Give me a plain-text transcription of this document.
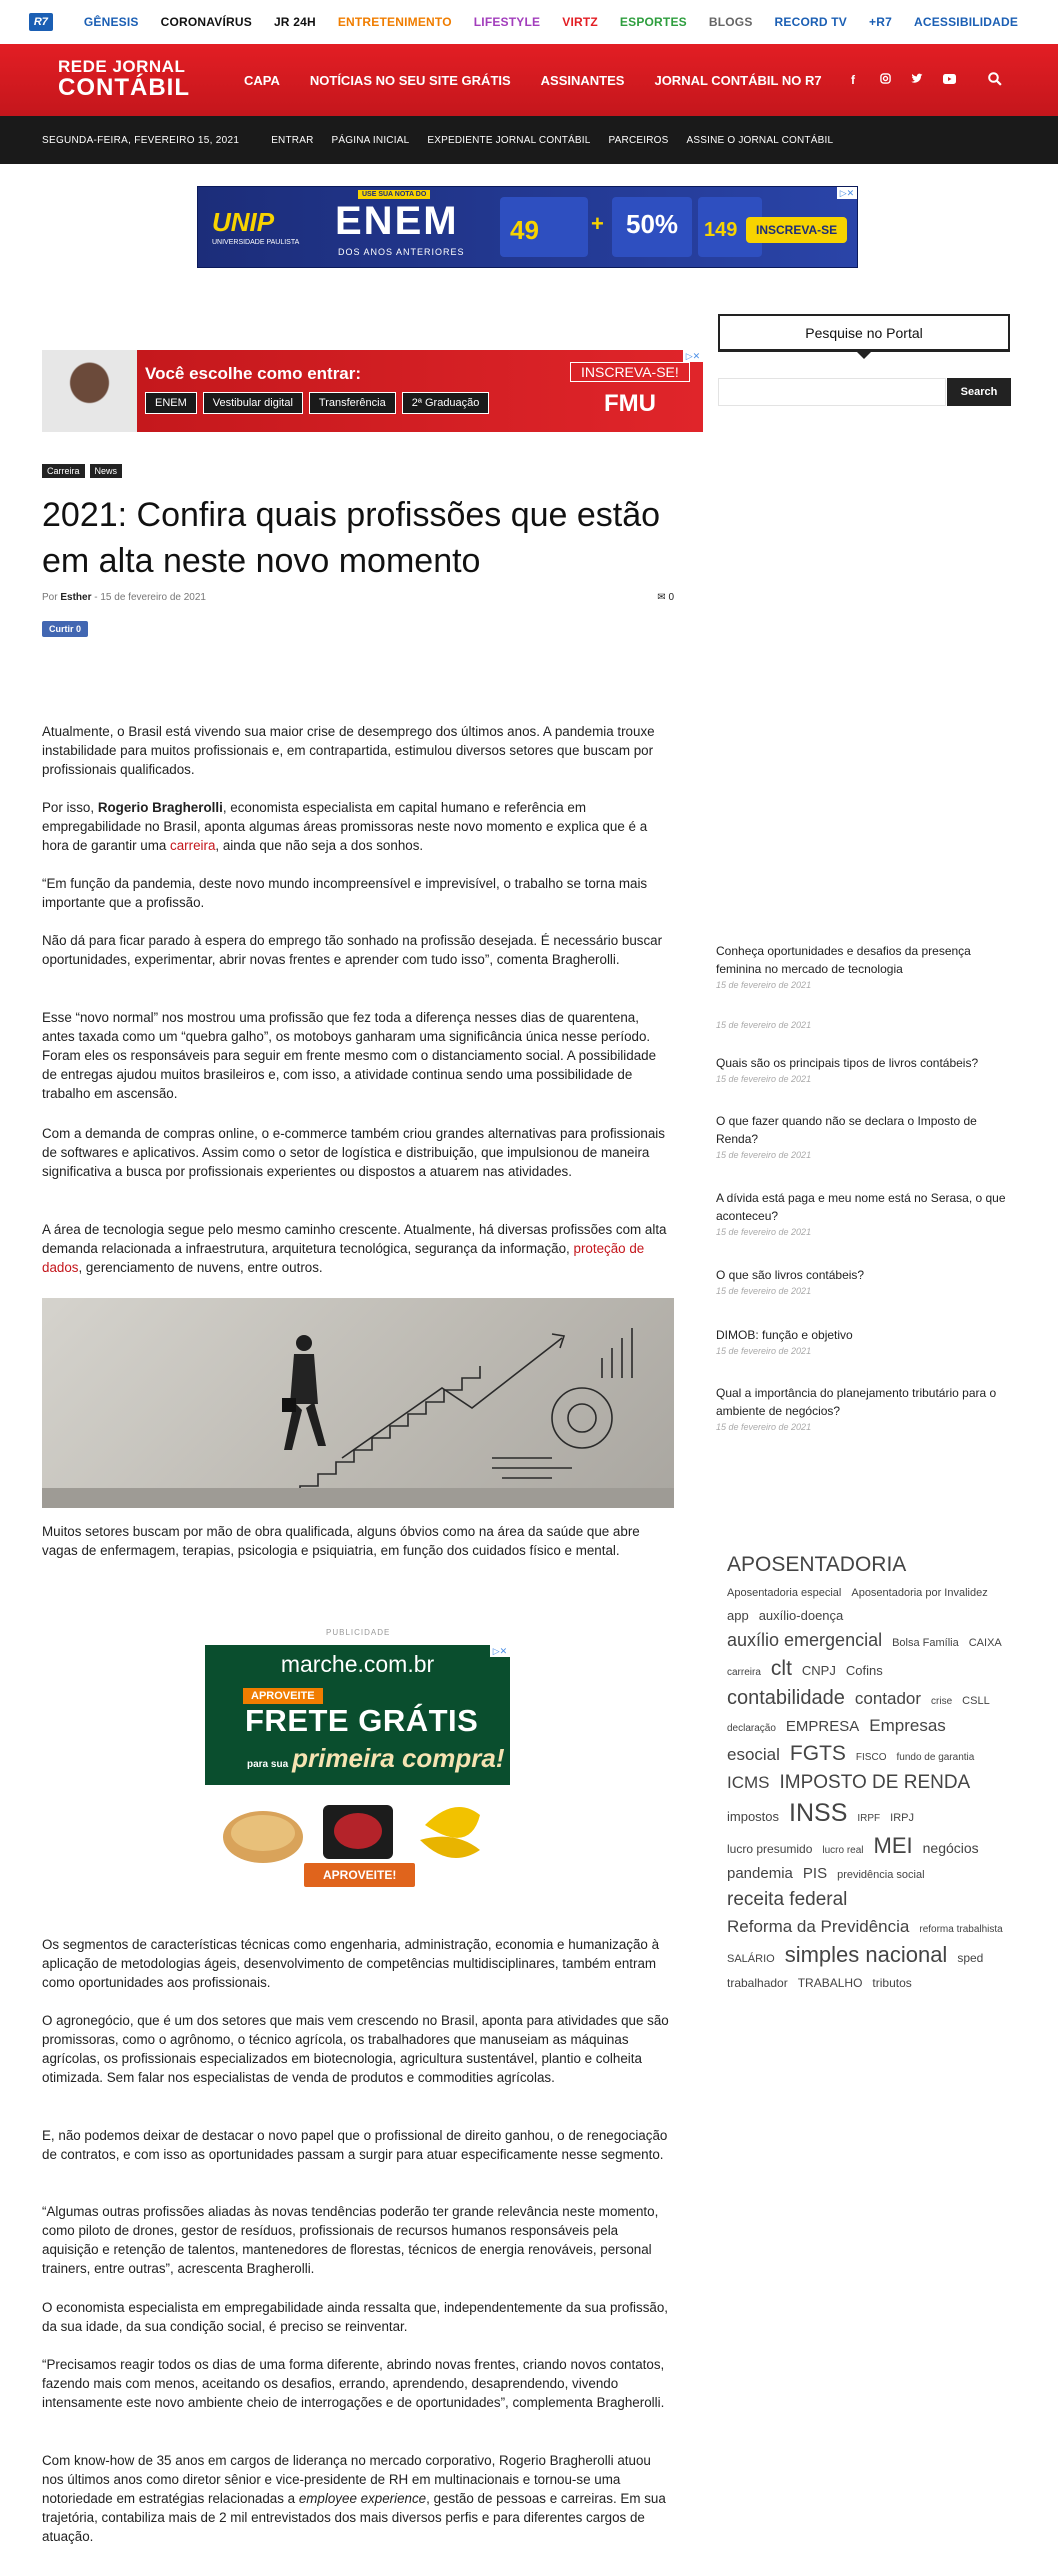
R7	GÊNESIS CORONAVÍRUS JR 24H ENTRETENIMENTO LIFESTYLE VIRTZ ESPORTES BLOGS RECORD TV +R7 ACESSIBILIDADE
REDE JORNAL
CONTÁBIL	CAPA NOTÍCIAS NO SEU SITE GRÁTIS ASSINANTES JORNAL CONTÁBIL NO R7	f
SEGUNDA-FEIRA, FEVEREIRO 15, 2021	ENTRAR PÁGINA INICIAL EXPEDIENTE JORNAL CONTÁBIL PARCEIROS ASSINE O JORNAL CONTÁBIL
UNIP
UNIVERSIDADE PAULISTA
USE SUA NOTA DO
ENEM
DOS ANOS ANTERIORES
49	+ 50%	149	INSCREVA-SE
▷✕
Você escolhe como entrar:
ENEM	Vestibular digital	Transferência	2ª Graduação
INSCREVA-SE!
FMU
▷✕
Carreira	News
2021: Confira quais profissões que estão em alta neste novo momento
Por Esther - 15 de fevereiro de 2021	✉ 0
Curtir 0
Atualmente, o Brasil está vivendo sua maior crise de desemprego dos últimos anos. A pandemia trouxe instabilidade para muitos profissionais e, em contrapartida, estimulou diversos setores que buscam por profissionais qualificados.
Por isso, Rogerio Bragherolli, economista especialista em capital humano e referência em empregabilidade no Brasil, aponta algumas áreas promissoras neste novo momento e explica que é a hora de garantir uma carreira, ainda que não seja a dos sonhos.
“Em função da pandemia, deste novo mundo incompreensível e imprevisível, o trabalho se torna mais importante que a profissão.
Não dá para ficar parado à espera do emprego tão sonhado na profissão desejada. É necessário buscar oportunidades, experimentar, abrir novas frentes e aprender com tudo isso”, comenta Bragherolli.
Esse “novo normal” nos mostrou uma profissão que fez toda a diferença nesses dias de quarentena, antes taxada como um “quebra galho”, os motoboys ganharam uma significância única nesse período. Foram eles os responsáveis para seguir em frente mesmo com o distanciamento social. A possibilidade de entregas ajudou muitos brasileiros e, com isso, a atividade continua sendo uma possibilidade de trabalho em ascensão.
Com a demanda de compras online, o e-commerce também criou grandes alternativas para profissionais de softwares e aplicativos. Assim como o setor de logística e distribuição, que impulsionou de maneira significativa a busca por profissionais experientes ou dispostos a atuarem nas atividades.
A área de tecnologia segue pelo mesmo caminho crescente. Atualmente, há diversas profissões com alta demanda relacionada a infraestrutura, arquitetura tecnológica, segurança da informação, proteção de dados, gerenciamento de nuvens, entre outros.
Muitos setores buscam por mão de obra qualificada, alguns óbvios como na área da saúde que abre vagas de enfermagem, terapias, psicologia e psiquiatria, em função dos cuidados físico e mental.
PUBLICIDADE
marche.com.br
APROVEITE
FRETE GRÁTIS
para sua primeira compra!
APROVEITE!
▷✕
Os segmentos de características técnicas como engenharia, administração, economia e humanização à aplicação de metodologias ágeis, desenvolvimento de competências multidisciplinares, também entram como oportunidades aos profissionais.
O agronegócio, que é um dos setores que mais vem crescendo no Brasil, aponta para atividades que são promissoras, como o agrônomo, o técnico agrícola, os trabalhadores que manuseiam as máquinas agrícolas, os profissionais especializados em biotecnologia, agricultura sustentável, plantio e colheita otimizada. Sem falar nos especialistas de venda de produtos e commodities agrícolas.
E, não podemos deixar de destacar o novo papel que o profissional de direito ganhou, o de renegociação de contratos, e com isso as oportunidades passam a surgir para atuar especificamente nesse segmento.
“Algumas outras profissões aliadas às novas tendências poderão ter grande relevância neste momento, como piloto de drones, gestor de resíduos, profissionais de recursos humanos responsáveis pela aquisição e retenção de talentos, mantenedores de florestas, técnicos de energia renováveis, personal trainers, entre outras”, acrescenta Bragherolli.
O economista especialista em empregabilidade ainda ressalta que, independentemente da sua profissão, da sua idade, da sua condição social, é preciso se reinventar.
“Precisamos reagir todos os dias de uma forma diferente, abrindo novas frentes, criando novos contatos, fazendo mais com menos, aceitando os desafios, errando, aprendendo, desaprendendo, vivendo intensamente este novo ambiente cheio de interrogações e de oportunidades”, complementa Bragherolli.
Com know-how de 35 anos em cargos de liderança no mercado corporativo, Rogerio Bragherolli atuou nos últimos anos como diretor sênior e vice-presidente de RH em multinacionais e tornou-se uma notoriedade em estratégias relacionadas a employee experience, gestão de pessoas e carreiras. Em sua trajetória, contabiliza mais de 2 mil entrevistados dos mais diversos perfis e para diferentes cargos de atuação.
Pesquise no Portal
Search
Conheça oportunidades e desafios da presença feminina no mercado de tecnologia
15 de fevereiro de 2021
15 de fevereiro de 2021
Quais são os principais tipos de livros contábeis?
15 de fevereiro de 2021
O que fazer quando não se declara o Imposto de Renda?
15 de fevereiro de 2021
A dívida está paga e meu nome está no Serasa, o que aconteceu?
15 de fevereiro de 2021
O que são livros contábeis?
15 de fevereiro de 2021
DIMOB: função e objetivo
15 de fevereiro de 2021
Qual a importância do planejamento tributário para o ambiente de negócios?
15 de fevereiro de 2021
APOSENTADORIAAposentadoria especial Aposentadoria por Invalidezapp auxílio-doençaauxílio emergencial Bolsa Família CAIXAcarreira clt CNPJ Cofinscontabilidade contador crise CSLLdeclaração EMPRESA Empresasesocial FGTS FISCO fundo de garantiaICMS IMPOSTO DE RENDAimpostos INSS IRPF IRPJlucro presumido lucro real MEI negóciospandemia PIS previdência socialreceita federalReforma da Previdência reforma trabalhistaSALÁRIO simples nacional spedtrabalhador TRABALHO tributos
